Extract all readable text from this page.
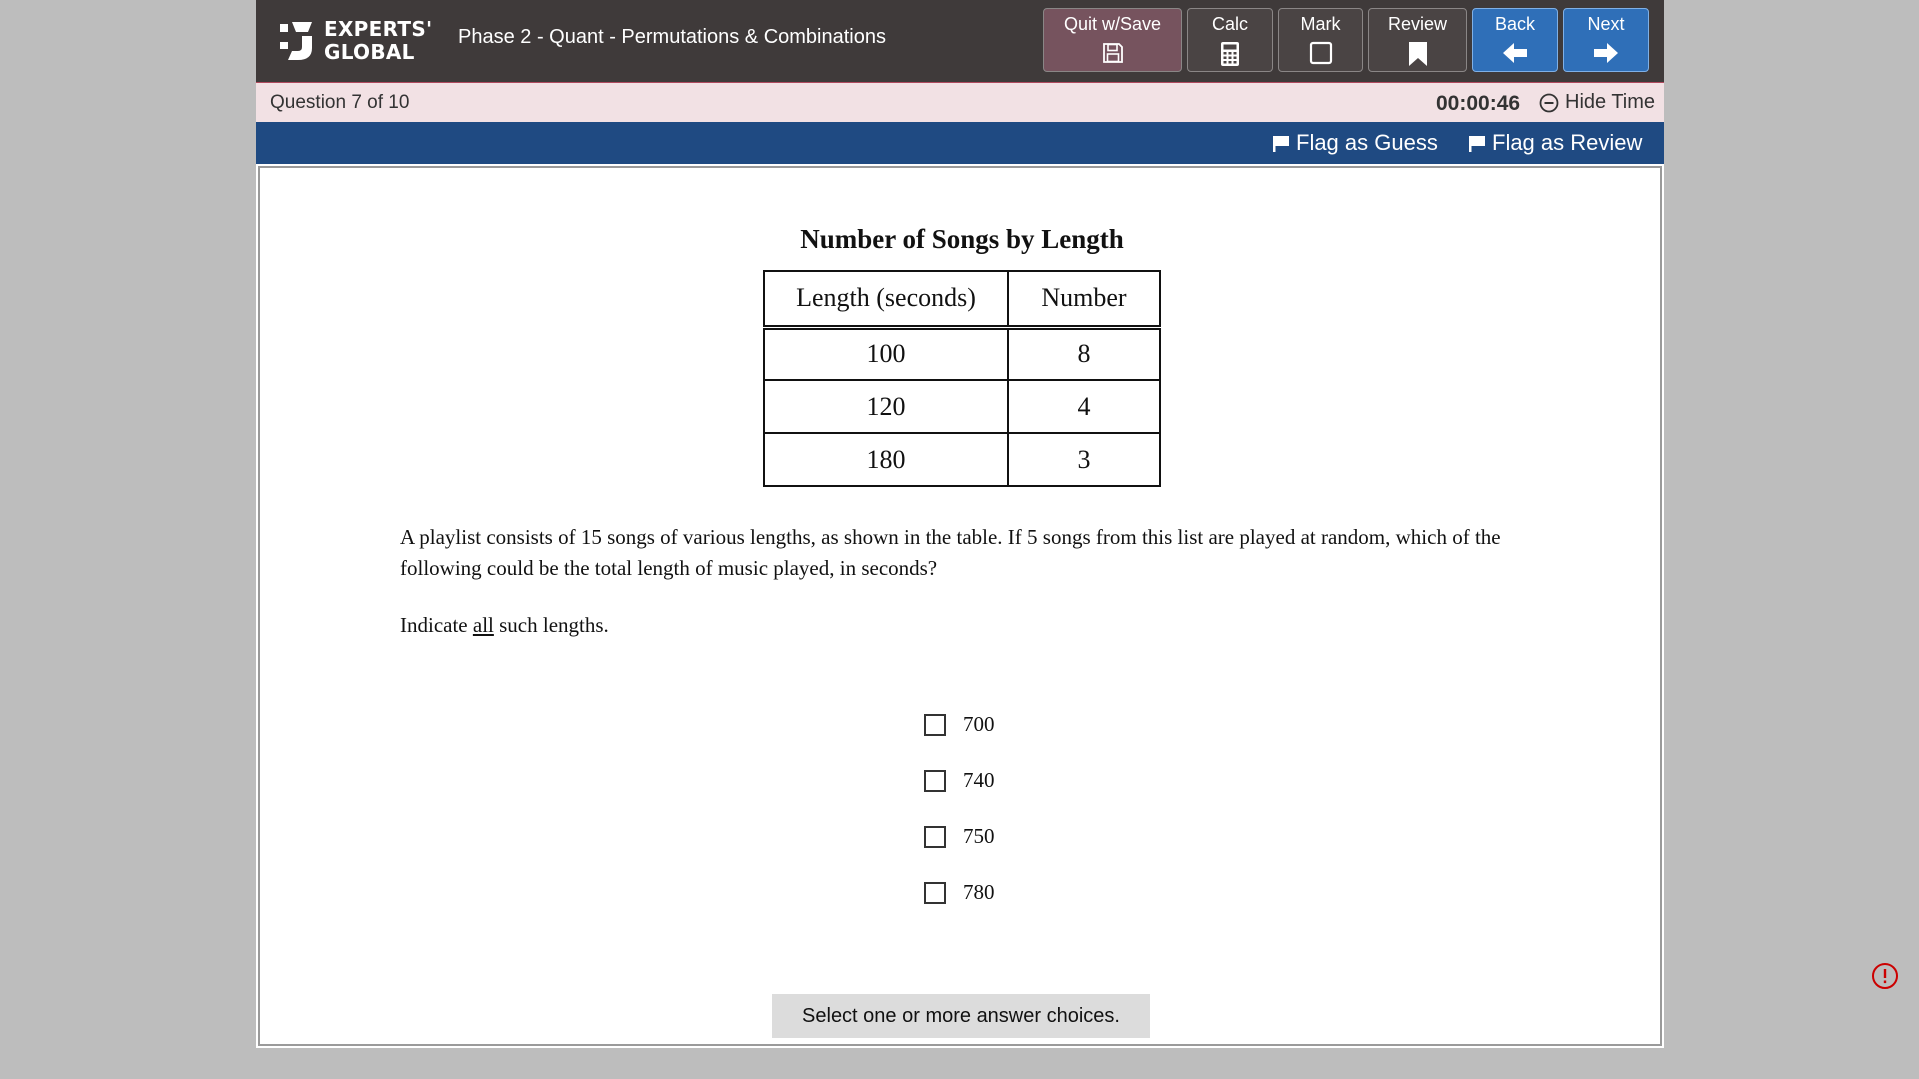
EXPERTS'
GLOBAL
Phase 2 - Quant - Permutations & Combinations
Quit w/Save	Calc	Mark	Review	Back	Next
Question 7 of 10	00:00:46 Hide Time
Flag as Guess Flag as Review
Number of Songs by Length
Length (seconds)	Number
100	8
120	4
180	3
A playlist consists of 15 songs of various lengths, as shown in the table. If 5 songs from this list are played at random, which of the following could be the total length of music played, in seconds?
Indicate all such lengths.
700
740
750
780
Select one or more answer choices.
